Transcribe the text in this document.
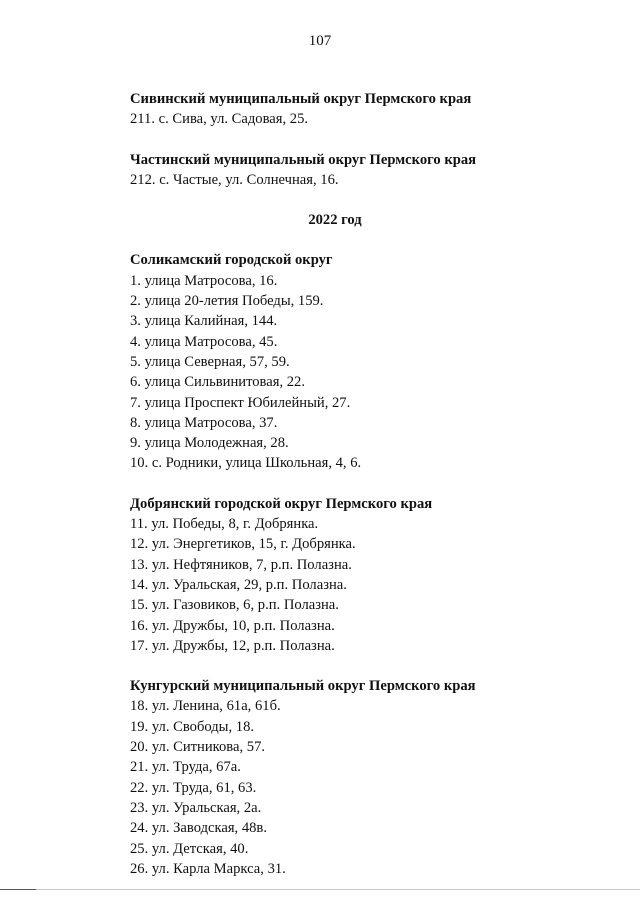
107
Сивинский муниципальный округ Пермского края
211. с. Сива, ул. Садовая, 25.
Частинский муниципальный округ Пермского края
212. с. Частые, ул. Солнечная, 16.
2022 год
Соликамский городской округ
1. улица Матросова, 16.
2. улица 20-летия Победы, 159.
3. улица Калийная, 144.
4. улица Матросова, 45.
5. улица Северная, 57, 59.
6. улица Сильвинитовая, 22.
7. улица Проспект Юбилейный, 27.
8. улица Матросова, 37.
9. улица Молодежная, 28.
10. с. Родники, улица Школьная, 4, 6.
Добрянский городской округ Пермского края
11. ул. Победы, 8, г. Добрянка.
12. ул. Энергетиков, 15, г. Добрянка.
13. ул. Нефтяников, 7, р.п. Полазна.
14. ул. Уральская, 29, р.п. Полазна.
15. ул. Газовиков, 6, р.п. Полазна.
16. ул. Дружбы, 10, р.п. Полазна.
17. ул. Дружбы, 12, р.п. Полазна.
Кунгурский муниципальный округ Пермского края
18. ул. Ленина, 61а, 61б.
19. ул. Свободы, 18.
20. ул. Ситникова, 57.
21. ул. Труда, 67а.
22. ул. Труда, 61, 63.
23. ул. Уральская, 2а.
24. ул. Заводская, 48в.
25. ул. Детская, 40.
26. ул. Карла Маркса, 31.
